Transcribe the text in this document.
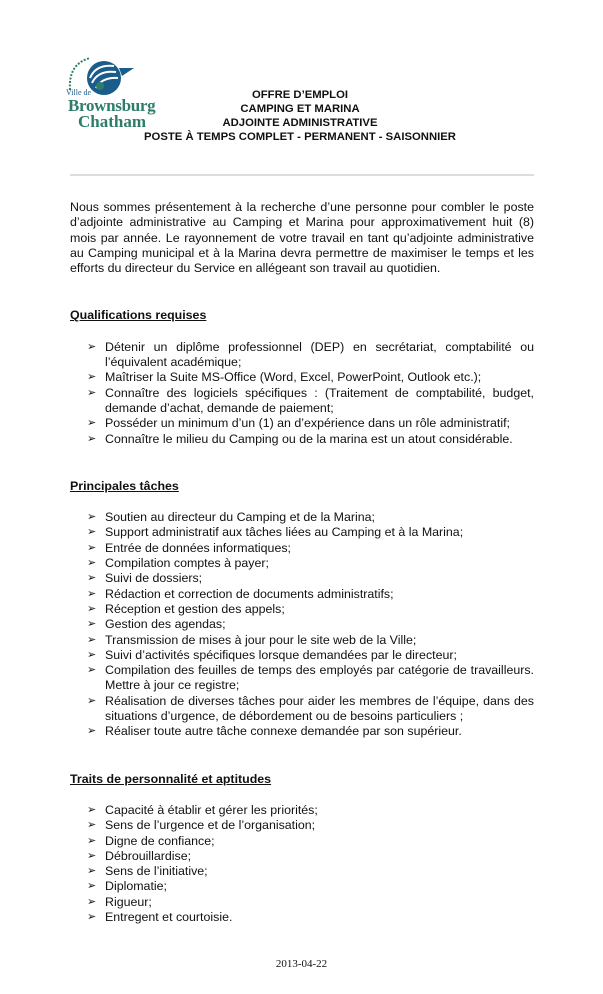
Ville de
Brownsburg
Chatham
OFFRE D’EMPLOI
CAMPING ET MARINA
ADJOINTE ADMINISTRATIVE
POSTE À TEMPS COMPLET - PERMANENT - SAISONNIER

Nous sommes présentement à la recherche d’une personne pour combler le poste d’adjointe administrative au Camping et Marina pour approximativement huit (8) mois par année. Le rayonnement de votre travail en tant qu’adjointe administrative au Camping municipal et à la Marina devra permettre de maximiser le temps et les efforts du directeur du Service en allégeant son travail au quotidien.

Qualifications requises
➢ Détenir un diplôme professionnel (DEP) en secrétariat, comptabilité ou l’équivalent académique;
➢ Maîtriser la Suite MS-Office (Word, Excel, PowerPoint, Outlook etc.);
➢ Connaître des logiciels spécifiques : (Traitement de comptabilité, budget, demande d’achat, demande de paiement;
➢ Posséder un minimum d’un (1) an d’expérience dans un rôle administratif;
➢ Connaître le milieu du Camping ou de la marina est un atout considérable.
Principales tâches
➢ Soutien au directeur du Camping et de la Marina;
➢ Support administratif aux tâches liées au Camping et à la Marina;
➢ Entrée de données informatiques;
➢ Compilation comptes à payer;
➢ Suivi de dossiers;
➢ Rédaction et correction de documents administratifs;
➢ Réception et gestion des appels;
➢ Gestion des agendas;
➢ Transmission de mises à jour pour le site web de la Ville;
➢ Suivi d’activités spécifiques lorsque demandées par le directeur;
➢ Compilation des feuilles de temps des employés par catégorie de travailleurs. Mettre à jour ce registre;
➢ Réalisation de diverses tâches pour aider les membres de l’équipe, dans des situations d’urgence, de débordement ou de besoins particuliers ;
➢ Réaliser toute autre tâche connexe demandée par son supérieur.
Traits de personnalité et aptitudes
➢ Capacité à établir et gérer les priorités;
➢ Sens de l’urgence et de l’organisation;
➢ Digne de confiance;
➢ Débrouillardise;
➢ Sens de l’initiative;
➢ Diplomatie;
➢ Rigueur;
➢ Entregent et courtoisie.
2013-04-22
